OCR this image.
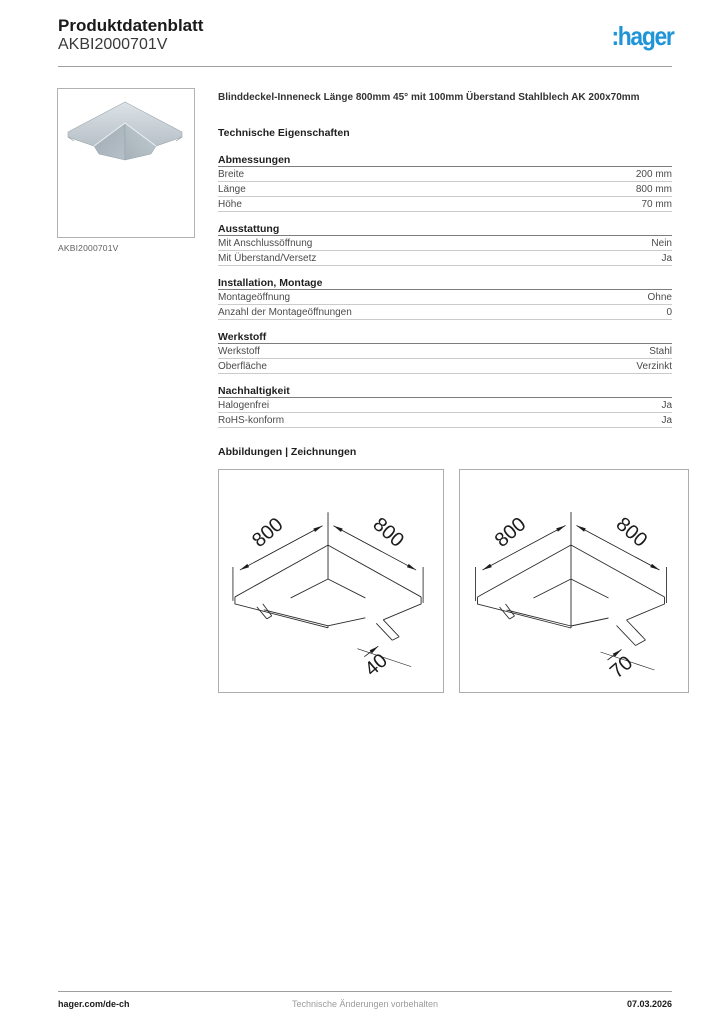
Produktdatenblatt
AKBI2000701V	:hager
AKBI2000701V
Blinddeckel-Inneneck Länge 800mm 45° mit 100mm Überstand Stahlblech AK 200x70mm
Technische Eigenschaften
Abmessungen
Breite	200 mm
Länge	800 mm
Höhe	70 mm
Ausstattung
Mit Anschlussöffnung	Nein
Mit Überstand/Versetz	Ja
Installation, Montage
Montageöffnung	Ohne
Anzahl der Montageöffnungen	0
Werkstoff
Werkstoff	Stahl
Oberfläche	Verzinkt
Nachhaltigkeit
Halogenfrei	Ja
RoHS-konform	Ja
Abbildungen | Zeichnungen
800	800
40
800	800
70
Technische Änderungen vorbehalten
hager.com/de-ch	07.03.2026
